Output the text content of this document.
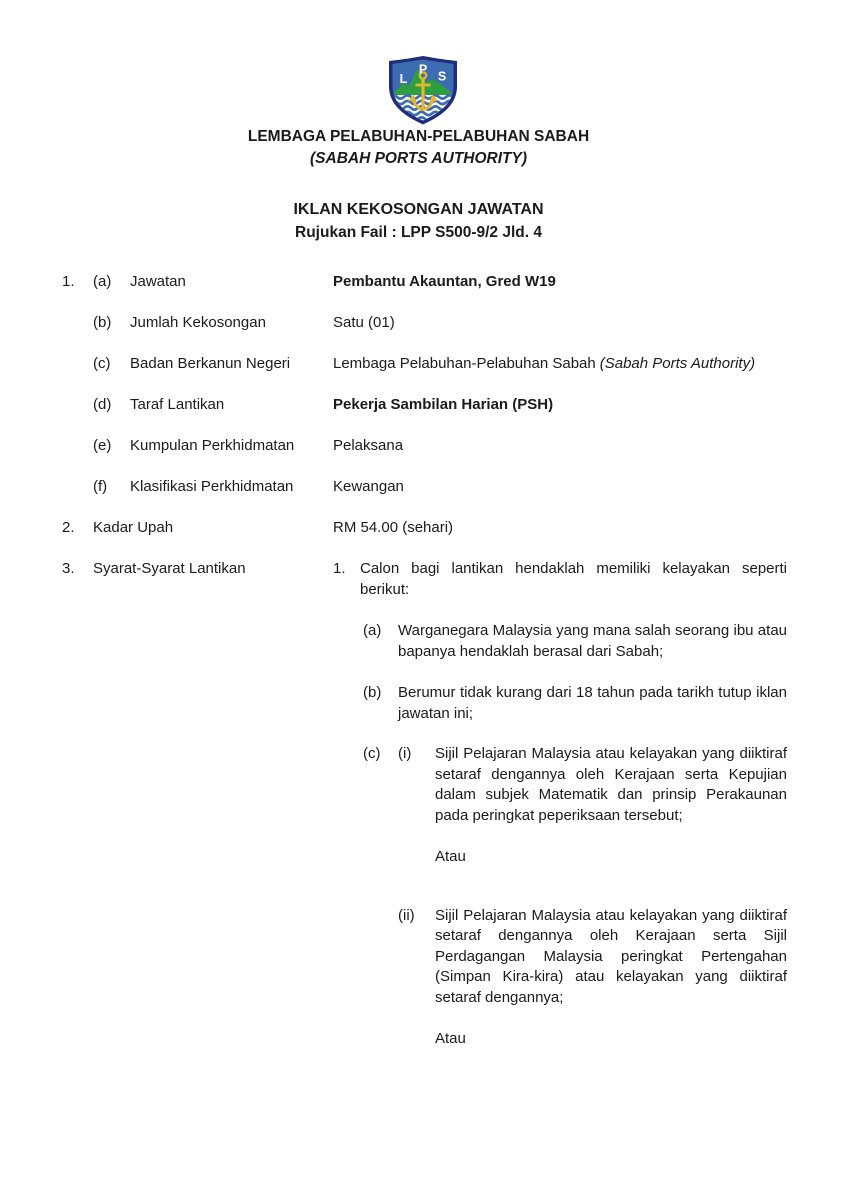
L
P S
LEMBAGA PELABUHAN-PELABUHAN SABAH
(SABAH PORTS AUTHORITY)
IKLAN KEKOSONGAN JAWATAN
Rujukan Fail : LPP S500-9/2 Jld. 4
1.	(a)	Jawatan	Pembantu Akauntan, Gred W19
(b)	Jumlah Kekosongan	Satu (01)
(c)	Badan Berkanun Negeri	Lembaga Pelabuhan-Pelabuhan Sabah (Sabah Ports Authority)
(d)	Taraf Lantikan	Pekerja Sambilan Harian (PSH)
(e)	Kumpulan Perkhidmatan	Pelaksana
(f)	Klasifikasi Perkhidmatan	Kewangan
2.	Kadar Upah	RM 54.00 (sehari)
3.	Syarat-Syarat Lantikan	1. Calon bagi lantikan hendaklah memiliki kelayakan seperti berikut:
(a)	Warganegara Malaysia yang mana salah seorang ibu atau bapanya hendaklah berasal dari Sabah;
(b)	Berumur tidak kurang dari 18 tahun pada tarikh tutup iklan jawatan ini;
(c)	(i)	Sijil Pelajaran Malaysia atau kelayakan yang diiktiraf setaraf dengannya oleh Kerajaan serta Kepujian dalam subjek Matematik dan prinsip Perakaunan pada peringkat peperiksaan tersebut;
Atau
(ii)	Sijil Pelajaran Malaysia atau kelayakan yang diiktiraf setaraf dengannya oleh Kerajaan serta Sijil Perdagangan Malaysia peringkat Pertengahan (Simpan Kira-kira) atau kelayakan yang diiktiraf setaraf dengannya;
Atau
